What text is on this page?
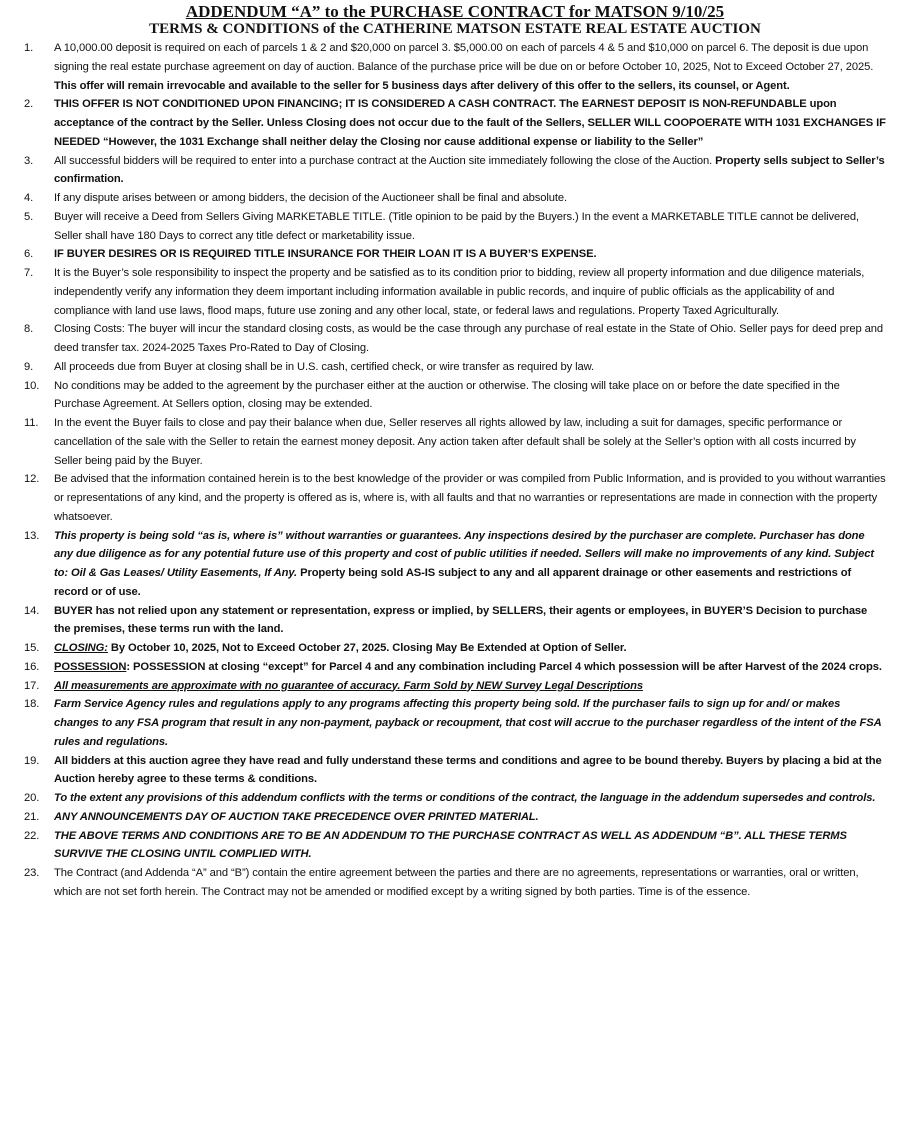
ADDENDUM “A” to the PURCHASE CONTRACT for MATSON 9/10/25
TERMS & CONDITIONS of the CATHERINE MATSON ESTATE REAL ESTATE AUCTION
1.	A 10,000.00 deposit is required on each of parcels 1 & 2 and $20,000 on parcel 3. $5,000.00 on each of parcels 4 & 5 and $10,000 on parcel 6. The deposit is due upon signing the real estate purchase agreement on day of auction. Balance of the purchase price will be due on or before October 10, 2025, Not to Exceed October 27, 2025. This offer will remain irrevocable and available to the seller for 5 business days after delivery of this offer to the sellers, its counsel, or Agent.
2.	THIS OFFER IS NOT CONDITIONED UPON FINANCING; IT IS CONSIDERED A CASH CONTRACT. The EARNEST DEPOSIT IS NON-REFUNDABLE upon acceptance of the contract by the Seller. Unless Closing does not occur due to the fault of the Sellers, SELLER WILL COOPOERATE WITH 1031 EXCHANGES IF NEEDED “However, the 1031 Exchange shall neither delay the Closing nor cause additional expense or liability to the Seller”
3.	All successful bidders will be required to enter into a purchase contract at the Auction site immediately following the close of the Auction. Property sells subject to Seller’s confirmation.
4.	If any dispute arises between or among bidders, the decision of the Auctioneer shall be final and absolute.
5.	Buyer will receive a Deed from Sellers Giving MARKETABLE TITLE. (Title opinion to be paid by the Buyers.) In the event a MARKETABLE TITLE cannot be delivered, Seller shall have 180 Days to correct any title defect or marketability issue.
6.	IF BUYER DESIRES OR IS REQUIRED TITLE INSURANCE FOR THEIR LOAN IT IS A BUYER’S EXPENSE.
7.	It is the Buyer’s sole responsibility to inspect the property and be satisfied as to its condition prior to bidding, review all property information and due diligence materials, independently verify any information they deem important including information available in public records, and inquire of public officials as the applicability of and compliance with land use laws, flood maps, future use zoning and any other local, state, or federal laws and regulations. Property Taxed Agriculturally.
8.	Closing Costs: The buyer will incur the standard closing costs, as would be the case through any purchase of real estate in the State of Ohio. Seller pays for deed prep and deed transfer tax. 2024-2025 Taxes Pro-Rated to Day of Closing.
9.	All proceeds due from Buyer at closing shall be in U.S. cash, certified check, or wire transfer as required by law.
10.	No conditions may be added to the agreement by the purchaser either at the auction or otherwise. The closing will take place on or before the date specified in the Purchase Agreement. At Sellers option, closing may be extended.
11.	In the event the Buyer fails to close and pay their balance when due, Seller reserves all rights allowed by law, including a suit for damages, specific performance or cancellation of the sale with the Seller to retain the earnest money deposit. Any action taken after default shall be solely at the Seller’s option with all costs incurred by Seller being paid by the Buyer.
12.	Be advised that the information contained herein is to the best knowledge of the provider or was compiled from Public Information, and is provided to you without warranties or representations of any kind, and the property is offered as is, where is, with all faults and that no warranties or representations are made in connection with the property whatsoever.
13.	This property is being sold “as is, where is” without warranties or guarantees. Any inspections desired by the purchaser are complete. Purchaser has done any due diligence as for any potential future use of this property and cost of public utilities if needed. Sellers will make no improvements of any kind. Subject to: Oil & Gas Leases/ Utility Easements, If Any. Property being sold AS-IS subject to any and all apparent drainage or other easements and restrictions of record or of use.
14.	BUYER has not relied upon any statement or representation, express or implied, by SELLERS, their agents or employees, in BUYER’S Decision to purchase the premises, these terms run with the land.
15.	CLOSING: By October 10, 2025, Not to Exceed October 27, 2025. Closing May Be Extended at Option of Seller.
16.	POSSESSION: POSSESSION at closing “except” for Parcel 4 and any combination including Parcel 4 which possession will be after Harvest of the 2024 crops.
17.	All measurements are approximate with no guarantee of accuracy. Farm Sold by NEW Survey Legal Descriptions
18.	Farm Service Agency rules and regulations apply to any programs affecting this property being sold. If the purchaser fails to sign up for and/ or makes changes to any FSA program that result in any non-payment, payback or recoupment, that cost will accrue to the purchaser regardless of the intent of the FSA rules and regulations.
19.	All bidders at this auction agree they have read and fully understand these terms and conditions and agree to be bound thereby. Buyers by placing a bid at the Auction hereby agree to these terms & conditions.
20.	To the extent any provisions of this addendum conflicts with the terms or conditions of the contract, the language in the addendum supersedes and controls.
21.	ANY ANNOUNCEMENTS DAY OF AUCTION TAKE PRECEDENCE OVER PRINTED MATERIAL.
22.	THE ABOVE TERMS AND CONDITIONS ARE TO BE AN ADDENDUM TO THE PURCHASE CONTRACT AS WELL AS ADDENDUM “B”. ALL THESE TERMS SURVIVE THE CLOSING UNTIL COMPLIED WITH.
23.	The Contract (and Addenda “A” and “B”) contain the entire agreement between the parties and there are no agreements, representations or warranties, oral or written, which are not set forth herein. The Contract may not be amended or modified except by a writing signed by both parties. Time is of the essence.
